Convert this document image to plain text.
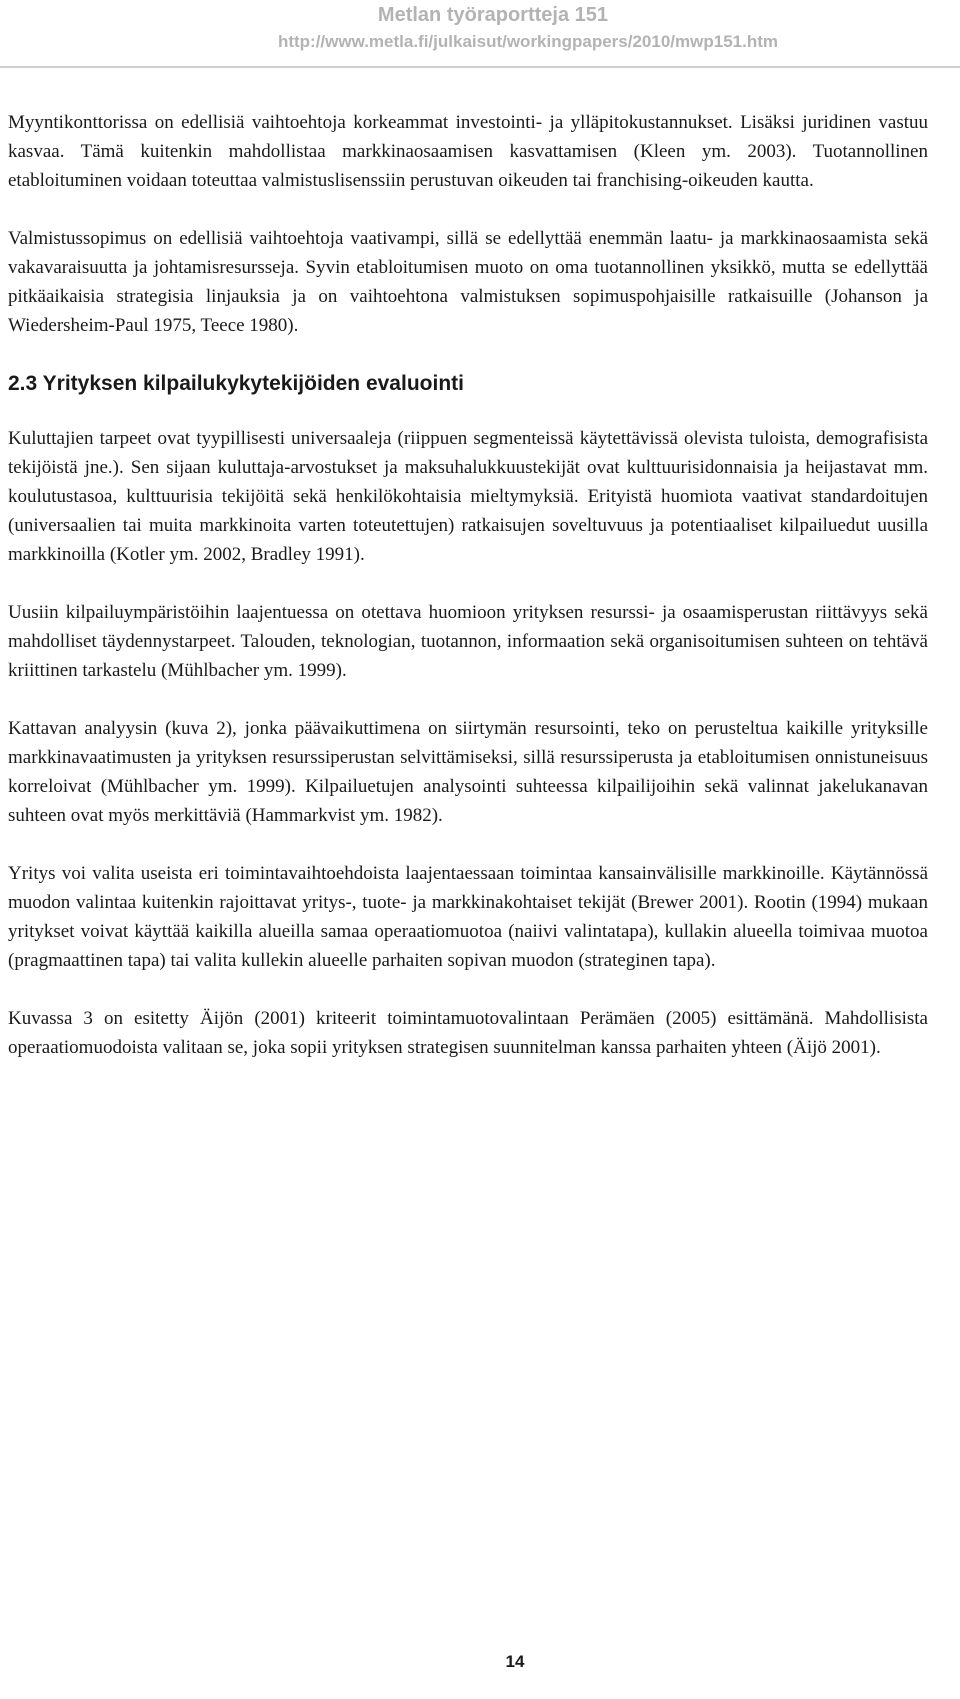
Metlan työraportteja 151
http://www.metla.fi/julkaisut/workingpapers/2010/mwp151.htm

Myyntikonttorissa on edellisiä vaihtoehtoja korkeammat investointi- ja ylläpitokustannukset. Lisäksi juridinen vastuu kasvaa. Tämä kuitenkin mahdollistaa markkinaosaamisen kasvattamisen (Kleen ym. 2003). Tuotannollinen etabloituminen voidaan toteuttaa valmistuslisenssiin perustuvan oikeuden tai franchising-oikeuden kautta.

Valmistussopimus on edellisiä vaihtoehtoja vaativampi, sillä se edellyttää enemmän laatu- ja markkinaosaamista sekä vakavaraisuutta ja johtamisresursseja. Syvin etabloitumisen muoto on oma tuotannollinen yksikkö, mutta se edellyttää pitkäaikaisia strategisia linjauksia ja on vaihtoehtona valmistuksen sopimuspohjaisille ratkaisuille (Johanson ja Wiedersheim-Paul 1975, Teece 1980).

2.3 Yrityksen kilpailukykytekijöiden evaluointi

Kuluttajien tarpeet ovat tyypillisesti universaaleja (riippuen segmenteissä käytettävissä olevista tuloista, demografisista tekijöistä jne.). Sen sijaan kuluttaja-arvostukset ja maksuhalukkuustekijät ovat kulttuurisidonnaisia ja heijastavat mm. koulutustasoa, kulttuurisia tekijöitä sekä henkilökohtaisia mieltymyksiä. Erityistä huomiota vaativat standardoitujen (universaalien tai muita markkinoita varten toteutettujen) ratkaisujen soveltuvuus ja potentiaaliset kilpailuedut uusilla markkinoilla (Kotler ym. 2002, Bradley 1991).

Uusiin kilpailuympäristöihin laajentuessa on otettava huomioon yrityksen resurssi- ja osaamisperustan riittävyys sekä mahdolliset täydennystarpeet. Talouden, teknologian, tuotannon, informaation sekä organisoitumisen suhteen on tehtävä kriittinen tarkastelu (Mühlbacher ym. 1999).

Kattavan analyysin (kuva 2), jonka päävaikuttimena on siirtymän resursointi, teko on perusteltua kaikille yrityksille markkinavaatimusten ja yrityksen resurssiperustan selvittämiseksi, sillä resurssiperusta ja etabloitumisen onnistuneisuus korreloivat (Mühlbacher ym. 1999). Kilpailuetujen analysointi suhteessa kilpailijoihin sekä valinnat jakelukanavan suhteen ovat myös merkittäviä (Hammarkvist ym. 1982).

Yritys voi valita useista eri toimintavaihtoehdoista laajentaessaan toimintaa kansainvälisille markkinoille. Käytännössä muodon valintaa kuitenkin rajoittavat yritys-, tuote- ja markkinakohtaiset tekijät (Brewer 2001). Rootin (1994) mukaan yritykset voivat käyttää kaikilla alueilla samaa operaatiomuotoa (naiivi valintatapa), kullakin alueella toimivaa muotoa (pragmaattinen tapa) tai valita kullekin alueelle parhaiten sopivan muodon (strateginen tapa).

Kuvassa 3 on esitetty Äijön (2001) kriteerit toimintamuotovalintaan Perämäen (2005) esittämänä. Mahdollisista operaatiomuodoista valitaan se, joka sopii yrityksen strategisen suunnitelman kanssa parhaiten yhteen (Äijö 2001).

14
